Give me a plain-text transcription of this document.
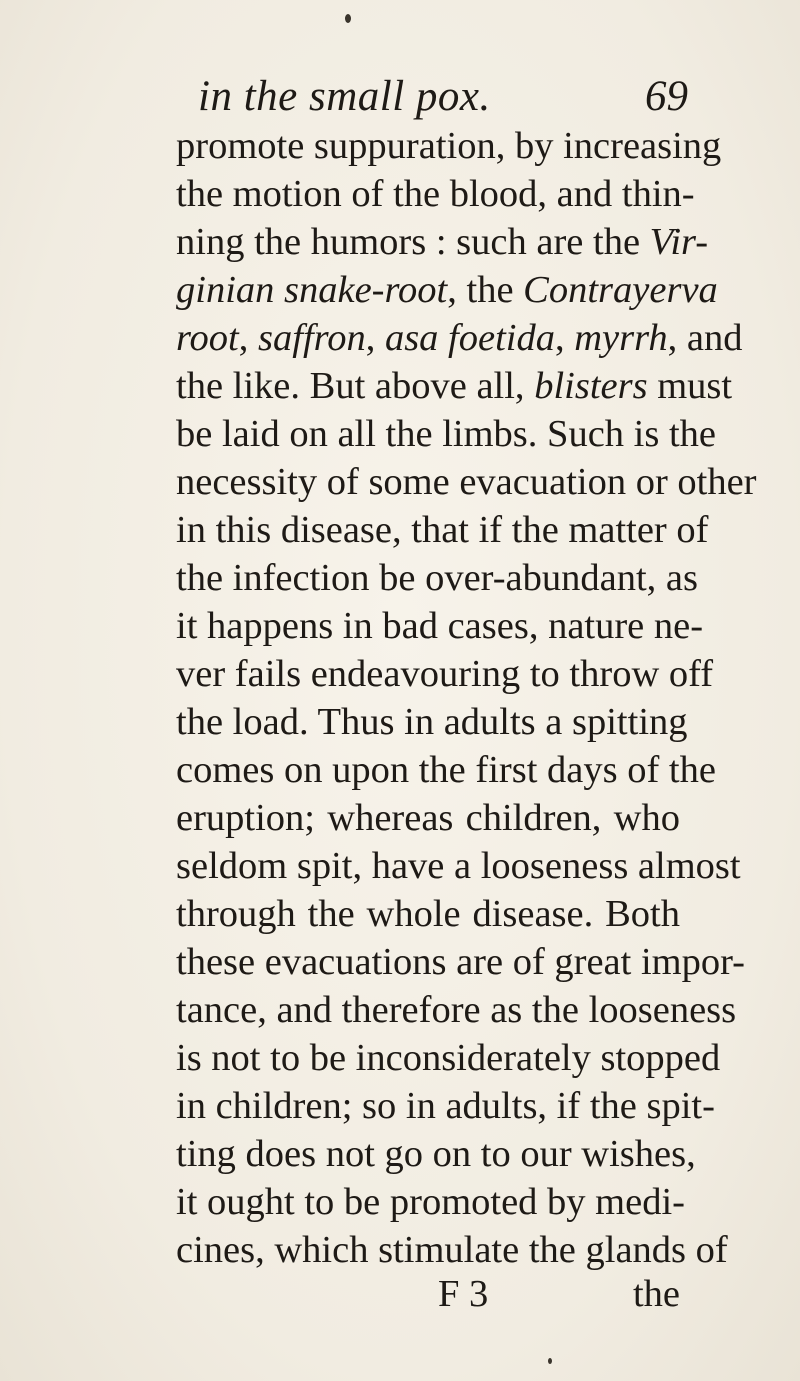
in the small pox.	69
promote suppuration, by increasing
the motion of the blood, and thin-
ning the humors : such are the Vir-
ginian snake-root, the Contrayerva
root, saffron, asa foetida, myrrh, and
the like. But above all, blisters must
be laid on all the limbs. Such is the
necessity of some evacuation or other
in this disease, that if the matter of
the infection be over-abundant, as
it happens in bad cases, nature ne-
ver fails endeavouring to throw off
the load. Thus in adults a spitting
comes on upon the first days of the
eruption; whereas children, who
seldom spit, have a looseness almost
through the whole disease. Both
these evacuations are of great impor-
tance, and therefore as the looseness
is not to be inconsiderately stopped
in children; so in adults, if the spit-
ting does not go on to our wishes,
it ought to be promoted by medi-
cines, which stimulate the glands of
F 3	the
